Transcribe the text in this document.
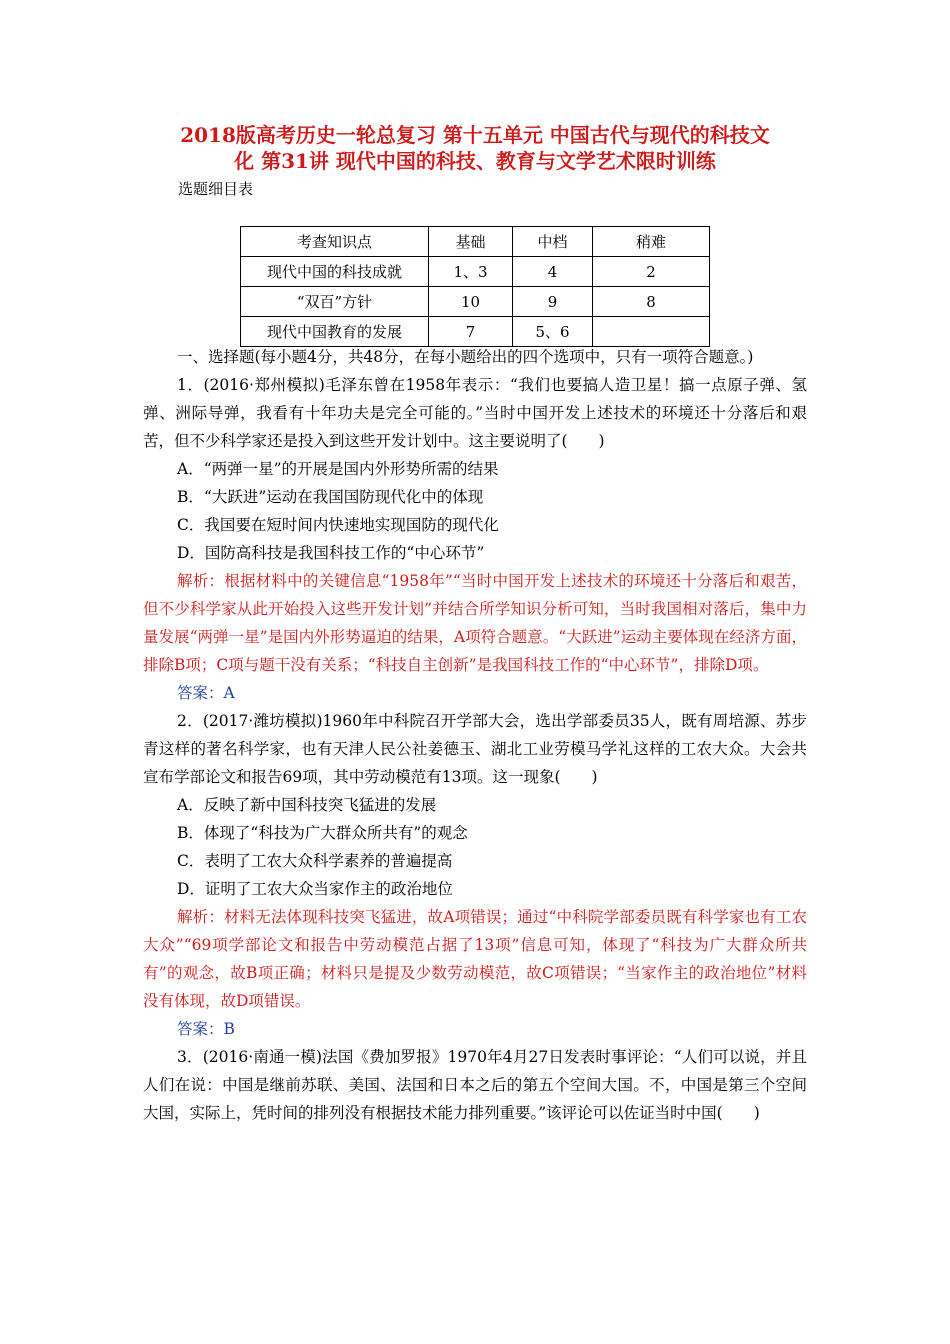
2018版高考历史一轮总复习 第十五单元 中国古代与现代的科技文
化 第31讲 现代中国的科技、教育与文学艺术限时训练
选题细目表
考查知识点	基础	中档	稍难
现代中国的科技成就	1、3	4	2
“双百”方针	10	9	8
现代中国教育的发展	7	5、6	

一、选择题(每小题4分，共48分，在每小题给出的四个选项中，只有一项符合题意。)

1．(2016·郑州模拟)毛泽东曾在1958年表示：“我们也要搞人造卫星！搞一点原子弹、氢弹、洲际导弹，我看有十年功夫是完全可能的。”当时中国开发上述技术的环境还十分落后和艰苦，但不少科学家还是投入到这些开发计划中。这主要说明了(　　)

A．“两弹一星”的开展是国内外形势所需的结果

B．“大跃进”运动在我国国防现代化中的体现

C．我国要在短时间内快速地实现国防的现代化

D．国防高科技是我国科技工作的“中心环节”

解析：根据材料中的关键信息“1958年”“当时中国开发上述技术的环境还十分落后和艰苦，但不少科学家从此开始投入这些开发计划”并结合所学知识分析可知，当时我国相对落后，集中力量发展“两弹一星”是国内外形势逼迫的结果，A项符合题意。“大跃进”运动主要体现在经济方面，排除B项；C项与题干没有关系；“科技自主创新”是我国科技工作的“中心环节”，排除D项。

答案：A

2．(2017·潍坊模拟)1960年中科院召开学部大会，选出学部委员35人，既有周培源、苏步青这样的著名科学家，也有天津人民公社姜德玉、湖北工业劳模马学礼这样的工农大众。大会共宣布学部论文和报告69项，其中劳动模范有13项。这一现象(　　)

A．反映了新中国科技突飞猛进的发展

B．体现了“科技为广大群众所共有”的观念

C．表明了工农大众科学素养的普遍提高

D．证明了工农大众当家作主的政治地位

解析：材料无法体现科技突飞猛进，故A项错误；通过“中科院学部委员既有科学家也有工农大众”“69项学部论文和报告中劳动模范占据了13项”信息可知，体现了“科技为广大群众所共有”的观念，故B项正确；材料只是提及少数劳动模范，故C项错误；“当家作主的政治地位”材料没有体现，故D项错误。

答案：B

3．(2016·南通一模)法国《费加罗报》1970年4月27日发表时事评论：“人们可以说，并且人们在说：中国是继前苏联、美国、法国和日本之后的第五个空间大国。不，中国是第三个空间大国，实际上，凭时间的排列没有根据技术能力排列重要。”该评论可以佐证当时中国(　　)
